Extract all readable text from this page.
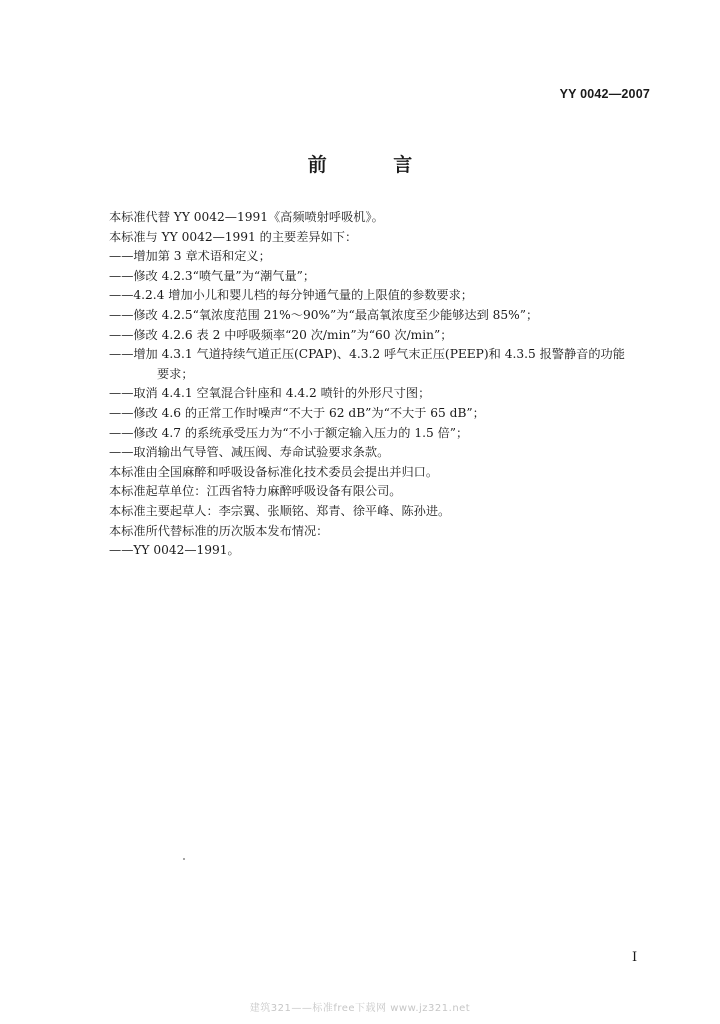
YY 0042—2007
前 言
本标准代替 YY 0042—1991《高频喷射呼吸机》。
本标准与 YY 0042—1991 的主要差异如下：
——增加第 3 章术语和定义；
——修改 4.2.3“喷气量”为“潮气量”；
——4.2.4 增加小儿和婴儿档的每分钟通气量的上限值的参数要求；
——修改 4.2.5“氧浓度范围 21%～90%”为“最高氧浓度至少能够达到 85%”；
——修改 4.2.6 表 2 中呼吸频率“20 次/min”为“60 次/min”；
——增加 4.3.1 气道持续气道正压(CPAP)、4.3.2 呼气末正压(PEEP)和 4.3.5 报警静音的功能
要求；
——取消 4.4.1 空氧混合针座和 4.4.2 喷针的外形尺寸图；
——修改 4.6 的正常工作时噪声“不大于 62 dB”为“不大于 65 dB”；
——修改 4.7 的系统承受压力为“不小于额定输入压力的 1.5 倍”；
——取消输出气导管、减压阀、寿命试验要求条款。
本标准由全国麻醉和呼吸设备标准化技术委员会提出并归口。
本标准起草单位：江西省特力麻醉呼吸设备有限公司。
本标准主要起草人：李宗翼、张顺铭、郑青、徐平峰、陈孙进。
本标准所代替标准的历次版本发布情况：
——YY 0042—1991。
I
建筑321——标准free下载网 www.jz321.net
